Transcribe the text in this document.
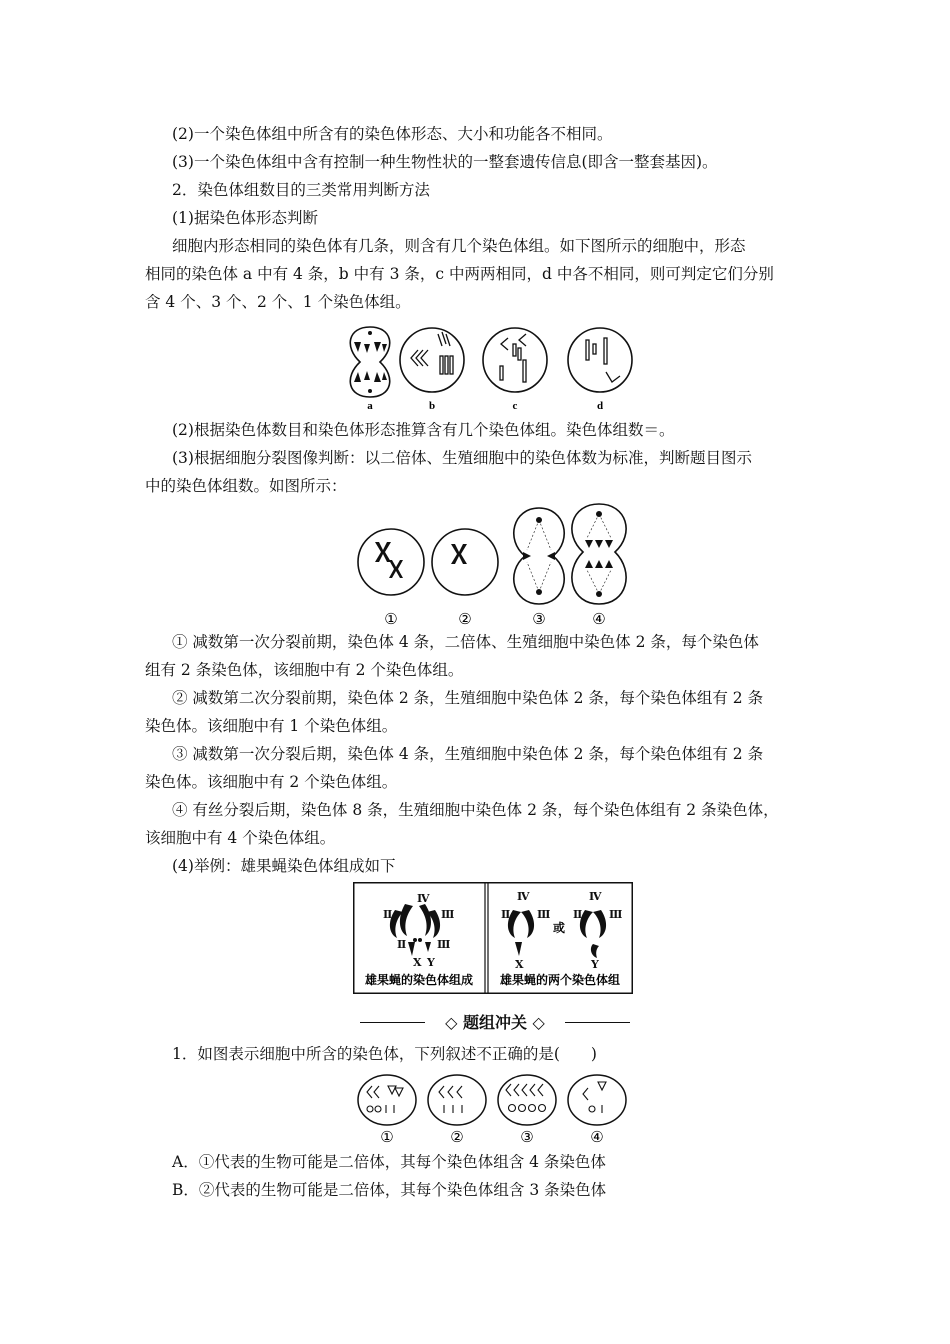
(2)一个染色体组中所含有的染色体形态、大小和功能各不相同。
(3)一个染色体组中含有控制一种生物性状的一整套遗传信息(即含一整套基因)。
2．染色体组数目的三类常用判断方法
(1)据染色体形态判断
细胞内形态相同的染色体有几条，则含有几个染色体组。如下图所示的细胞中，形态
相同的染色体 a 中有 4 条，b 中有 3 条，c 中两两相同，d 中各不相同，则可判定它们分别
含 4 个、3 个、2 个、1 个染色体组。
a	b	c	d
(2)根据染色体数目和染色体形态推算含有几个染色体组。染色体组数＝。
(3)根据细胞分裂图像判断：以二倍体、生殖细胞中的染色体数为标准，判断题目图示
中的染色体组数。如图所示：
①	②	③	④
① 减数第一次分裂前期，染色体 4 条，二倍体、生殖细胞中染色体 2 条，每个染色体
组有 2 条染色体，该细胞中有 2 个染色体组。
② 减数第二次分裂前期，染色体 2 条，生殖细胞中染色体 2 条，每个染色体组有 2 条
染色体。该细胞中有 1 个染色体组。
③ 减数第一次分裂后期，染色体 4 条，生殖细胞中染色体 2 条，每个染色体组有 2 条
染色体。该细胞中有 2 个染色体组。
④ 有丝分裂后期，染色体 8 条，生殖细胞中染色体 2 条，每个染色体组有 2 条染色体，
该细胞中有 4 个染色体组。
(4)举例：雄果蝇染色体组成如下
Ⅱ	Ⅲ
Ⅳ
Ⅱ	Ⅲ
X Y
雄果蝇的染色体组成
Ⅱ Ⅲ
Ⅳ
Ⅱ Ⅲ
Ⅳ
X	Y
或
雄果蝇的两个染色体组
◇ 题组冲关 ◇
1．如图表示细胞中所含的染色体，下列叙述不正确的是(　　)
①	②	③	④
A．①代表的生物可能是二倍体，其每个染色体组含 4 条染色体
B．②代表的生物可能是二倍体，其每个染色体组含 3 条染色体
